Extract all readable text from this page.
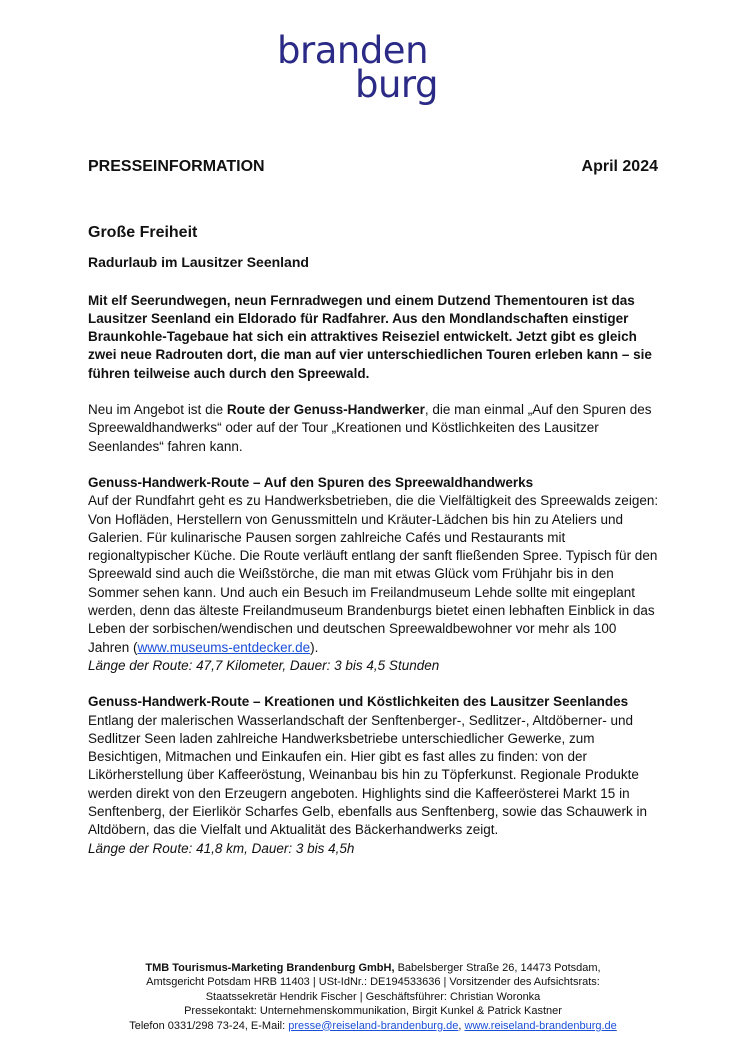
branden
burg
PRESSEINFORMATION	April 2024
Große Freiheit
Radurlaub im Lausitzer Seenland

Mit elf Seerundwegen, neun Fernradwegen und einem Dutzend Thementouren ist das Lausitzer Seenland ein Eldorado für Radfahrer. Aus den Mondlandschaften einstiger Braunkohle-Tagebaue hat sich ein attraktives Reiseziel entwickelt. Jetzt gibt es gleich zwei neue Radrouten dort, die man auf vier unterschiedlichen Touren erleben kann – sie führen teilweise auch durch den Spreewald.

Neu im Angebot ist die Route der Genuss-Handwerker, die man einmal „Auf den Spuren des Spreewaldhandwerks“ oder auf der Tour „Kreationen und Köstlichkeiten des Lausitzer Seenlandes“ fahren kann.

Genuss-Handwerk-Route – Auf den Spuren des Spreewaldhandwerks

Auf der Rundfahrt geht es zu Handwerksbetrieben, die die Vielfältigkeit des Spreewalds zeigen: Von Hofläden, Herstellern von Genussmitteln und Kräuter-Lädchen bis hin zu Ateliers und Galerien. Für kulinarische Pausen sorgen zahlreiche Cafés und Restaurants mit regionaltypischer Küche. Die Route verläuft entlang der sanft fließenden Spree. Typisch für den Spreewald sind auch die Weißstörche, die man mit etwas Glück vom Frühjahr bis in den Sommer sehen kann. Und auch ein Besuch im Freilandmuseum Lehde sollte mit eingeplant werden, denn das älteste Freilandmuseum Brandenburgs bietet einen lebhaften Einblick in das Leben der sorbischen/wendischen und deutschen Spreewaldbewohner vor mehr als 100 Jahren (www.museums-entdecker.de).

Länge der Route: 47,7 Kilometer, Dauer: 3 bis 4,5 Stunden

Genuss-Handwerk-Route – Kreationen und Köstlichkeiten des Lausitzer Seenlandes

Entlang der malerischen Wasserlandschaft der Senftenberger-, Sedlitzer-, Altdöberner- und Sedlitzer Seen laden zahlreiche Handwerksbetriebe unterschiedlicher Gewerke, zum Besichtigen, Mitmachen und Einkaufen ein. Hier gibt es fast alles zu finden: von der Likörherstellung über Kaffeeröstung, Weinanbau bis hin zu Töpferkunst. Regionale Produkte werden direkt von den Erzeugern angeboten. Highlights sind die Kaffeerösterei Markt 15 in Senftenberg, der Eierlikör Scharfes Gelb, ebenfalls aus Senftenberg, sowie das Schauwerk in Altdöbern, das die Vielfalt und Aktualität des Bäckerhandwerks zeigt.

Länge der Route: 41,8 km, Dauer: 3 bis 4,5h

TMB Tourismus-Marketing Brandenburg GmbH, Babelsberger Straße 26, 14473 Potsdam,
Amtsgericht Potsdam HRB 11403 | USt-IdNr.: DE194533636 | Vorsitzender des Aufsichtsrats:
Staatssekretär Hendrik Fischer | Geschäftsführer: Christian Woronka
Pressekontakt: Unternehmenskommunikation, Birgit Kunkel & Patrick Kastner
Telefon 0331/298 73-24, E-Mail: presse@reiseland-brandenburg.de, www.reiseland-brandenburg.de
